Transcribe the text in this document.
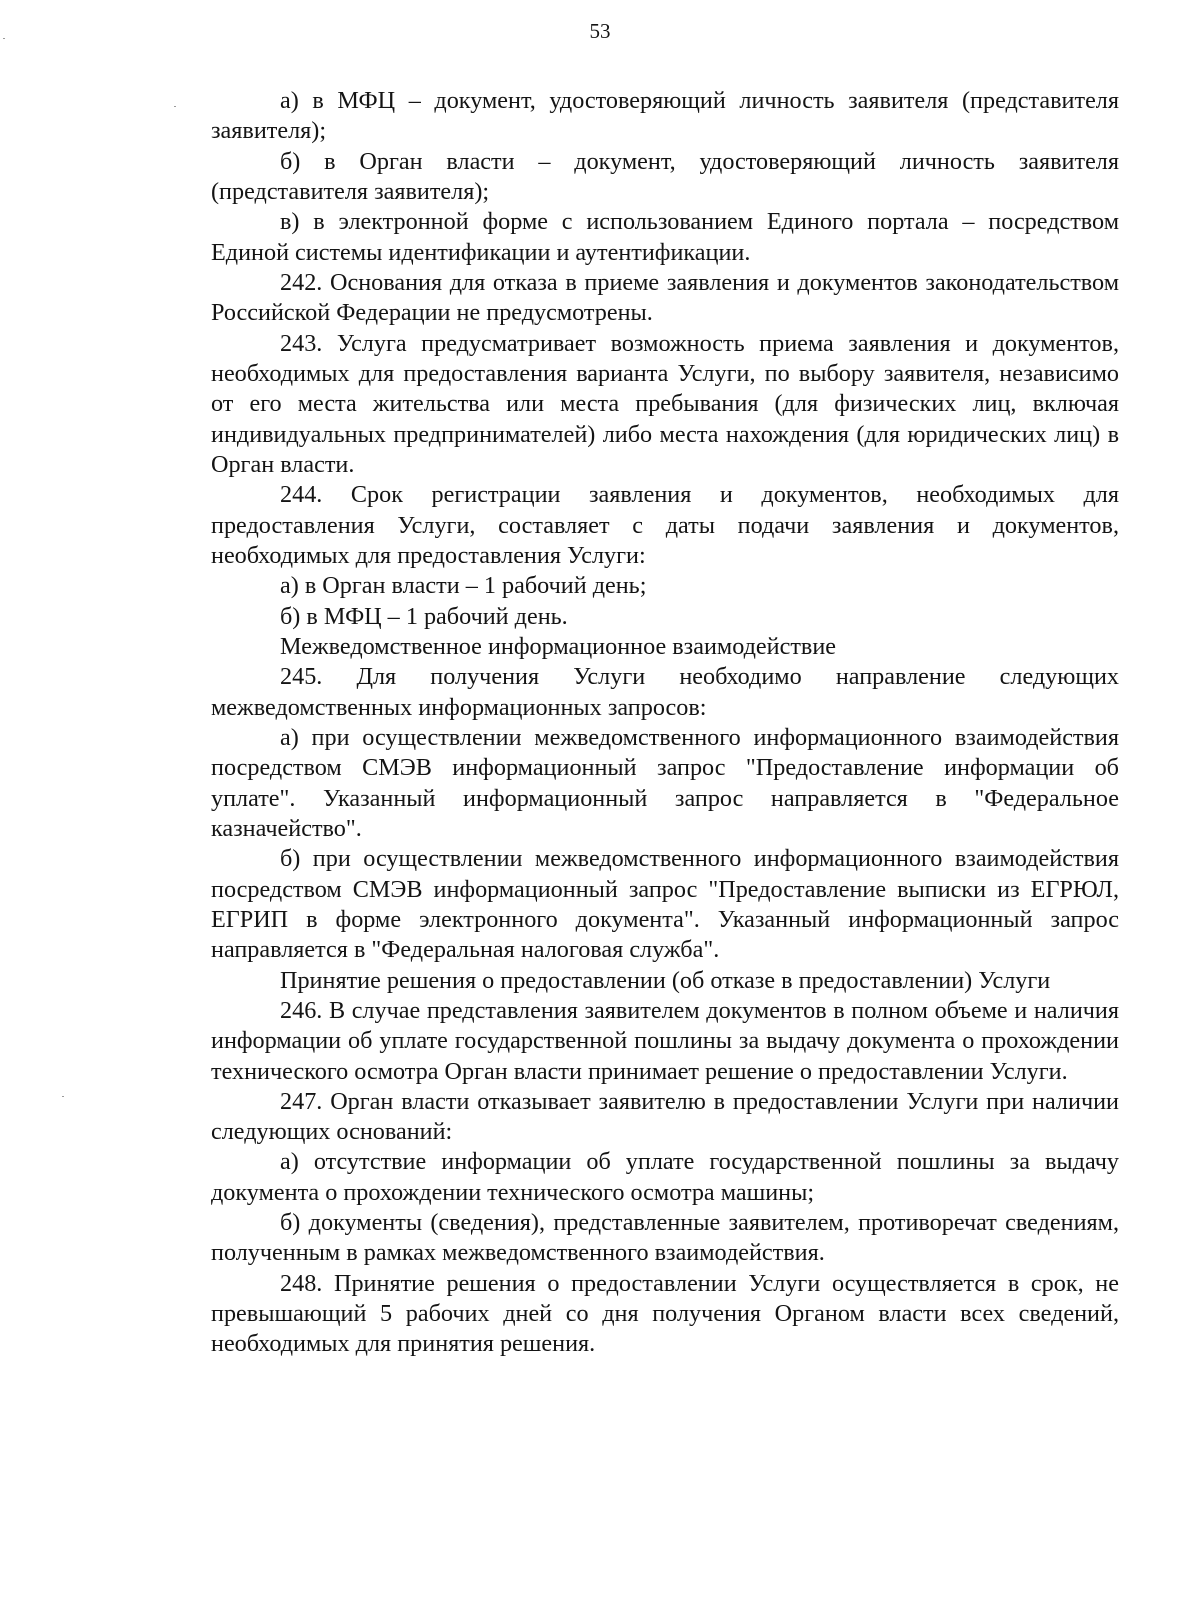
53

а) в МФЦ – документ, удостоверяющий личность заявителя (представителя заявителя);

б) в Орган власти – документ, удостоверяющий личность заявителя (представителя заявителя);

в) в электронной форме с использованием Единого портала – посредством Единой системы идентификации и аутентификации.

242. Основания для отказа в приеме заявления и документов законодательством Российской Федерации не предусмотрены.

243. Услуга предусматривает возможность приема заявления и документов, необходимых для предоставления варианта Услуги, по выбору заявителя, независимо от его места жительства или места пребывания (для физических лиц, включая индивидуальных предпринимателей) либо места нахождения (для юридических лиц) в Орган власти.

244. Срок регистрации заявления и документов, необходимых для предоставления Услуги, составляет с даты подачи заявления и документов, необходимых для предоставления Услуги:

а) в Орган власти – 1 рабочий день;

б) в МФЦ – 1 рабочий день.

Межведомственное информационное взаимодействие

245. Для получения Услуги необходимо направление следующих межведомственных информационных запросов:

а) при осуществлении межведомственного информационного взаимодействия посредством СМЭВ информационный запрос "Предоставление информации об уплате". Указанный информационный запрос направляется в "Федеральное казначейство".

б) при осуществлении межведомственного информационного взаимодействия посредством СМЭВ информационный запрос "Предоставление выписки из ЕГРЮЛ, ЕГРИП в форме электронного документа". Указанный информационный запрос направляется в "Федеральная налоговая служба".

Принятие решения о предоставлении (об отказе в предоставлении) Услуги

246. В случае представления заявителем документов в полном объеме и наличия информации об уплате государственной пошлины за выдачу документа о прохождении технического осмотра Орган власти принимает решение о предоставлении Услуги.

247. Орган власти отказывает заявителю в предоставлении Услуги при наличии следующих оснований:

а) отсутствие информации об уплате государственной пошлины за выдачу документа о прохождении технического осмотра машины;

б) документы (сведения), представленные заявителем, противоречат сведениям, полученным в рамках межведомственного взаимодействия.

248. Принятие решения о предоставлении Услуги осуществляется в срок, не превышающий 5 рабочих дней со дня получения Органом власти всех сведений, необходимых для принятия решения.
